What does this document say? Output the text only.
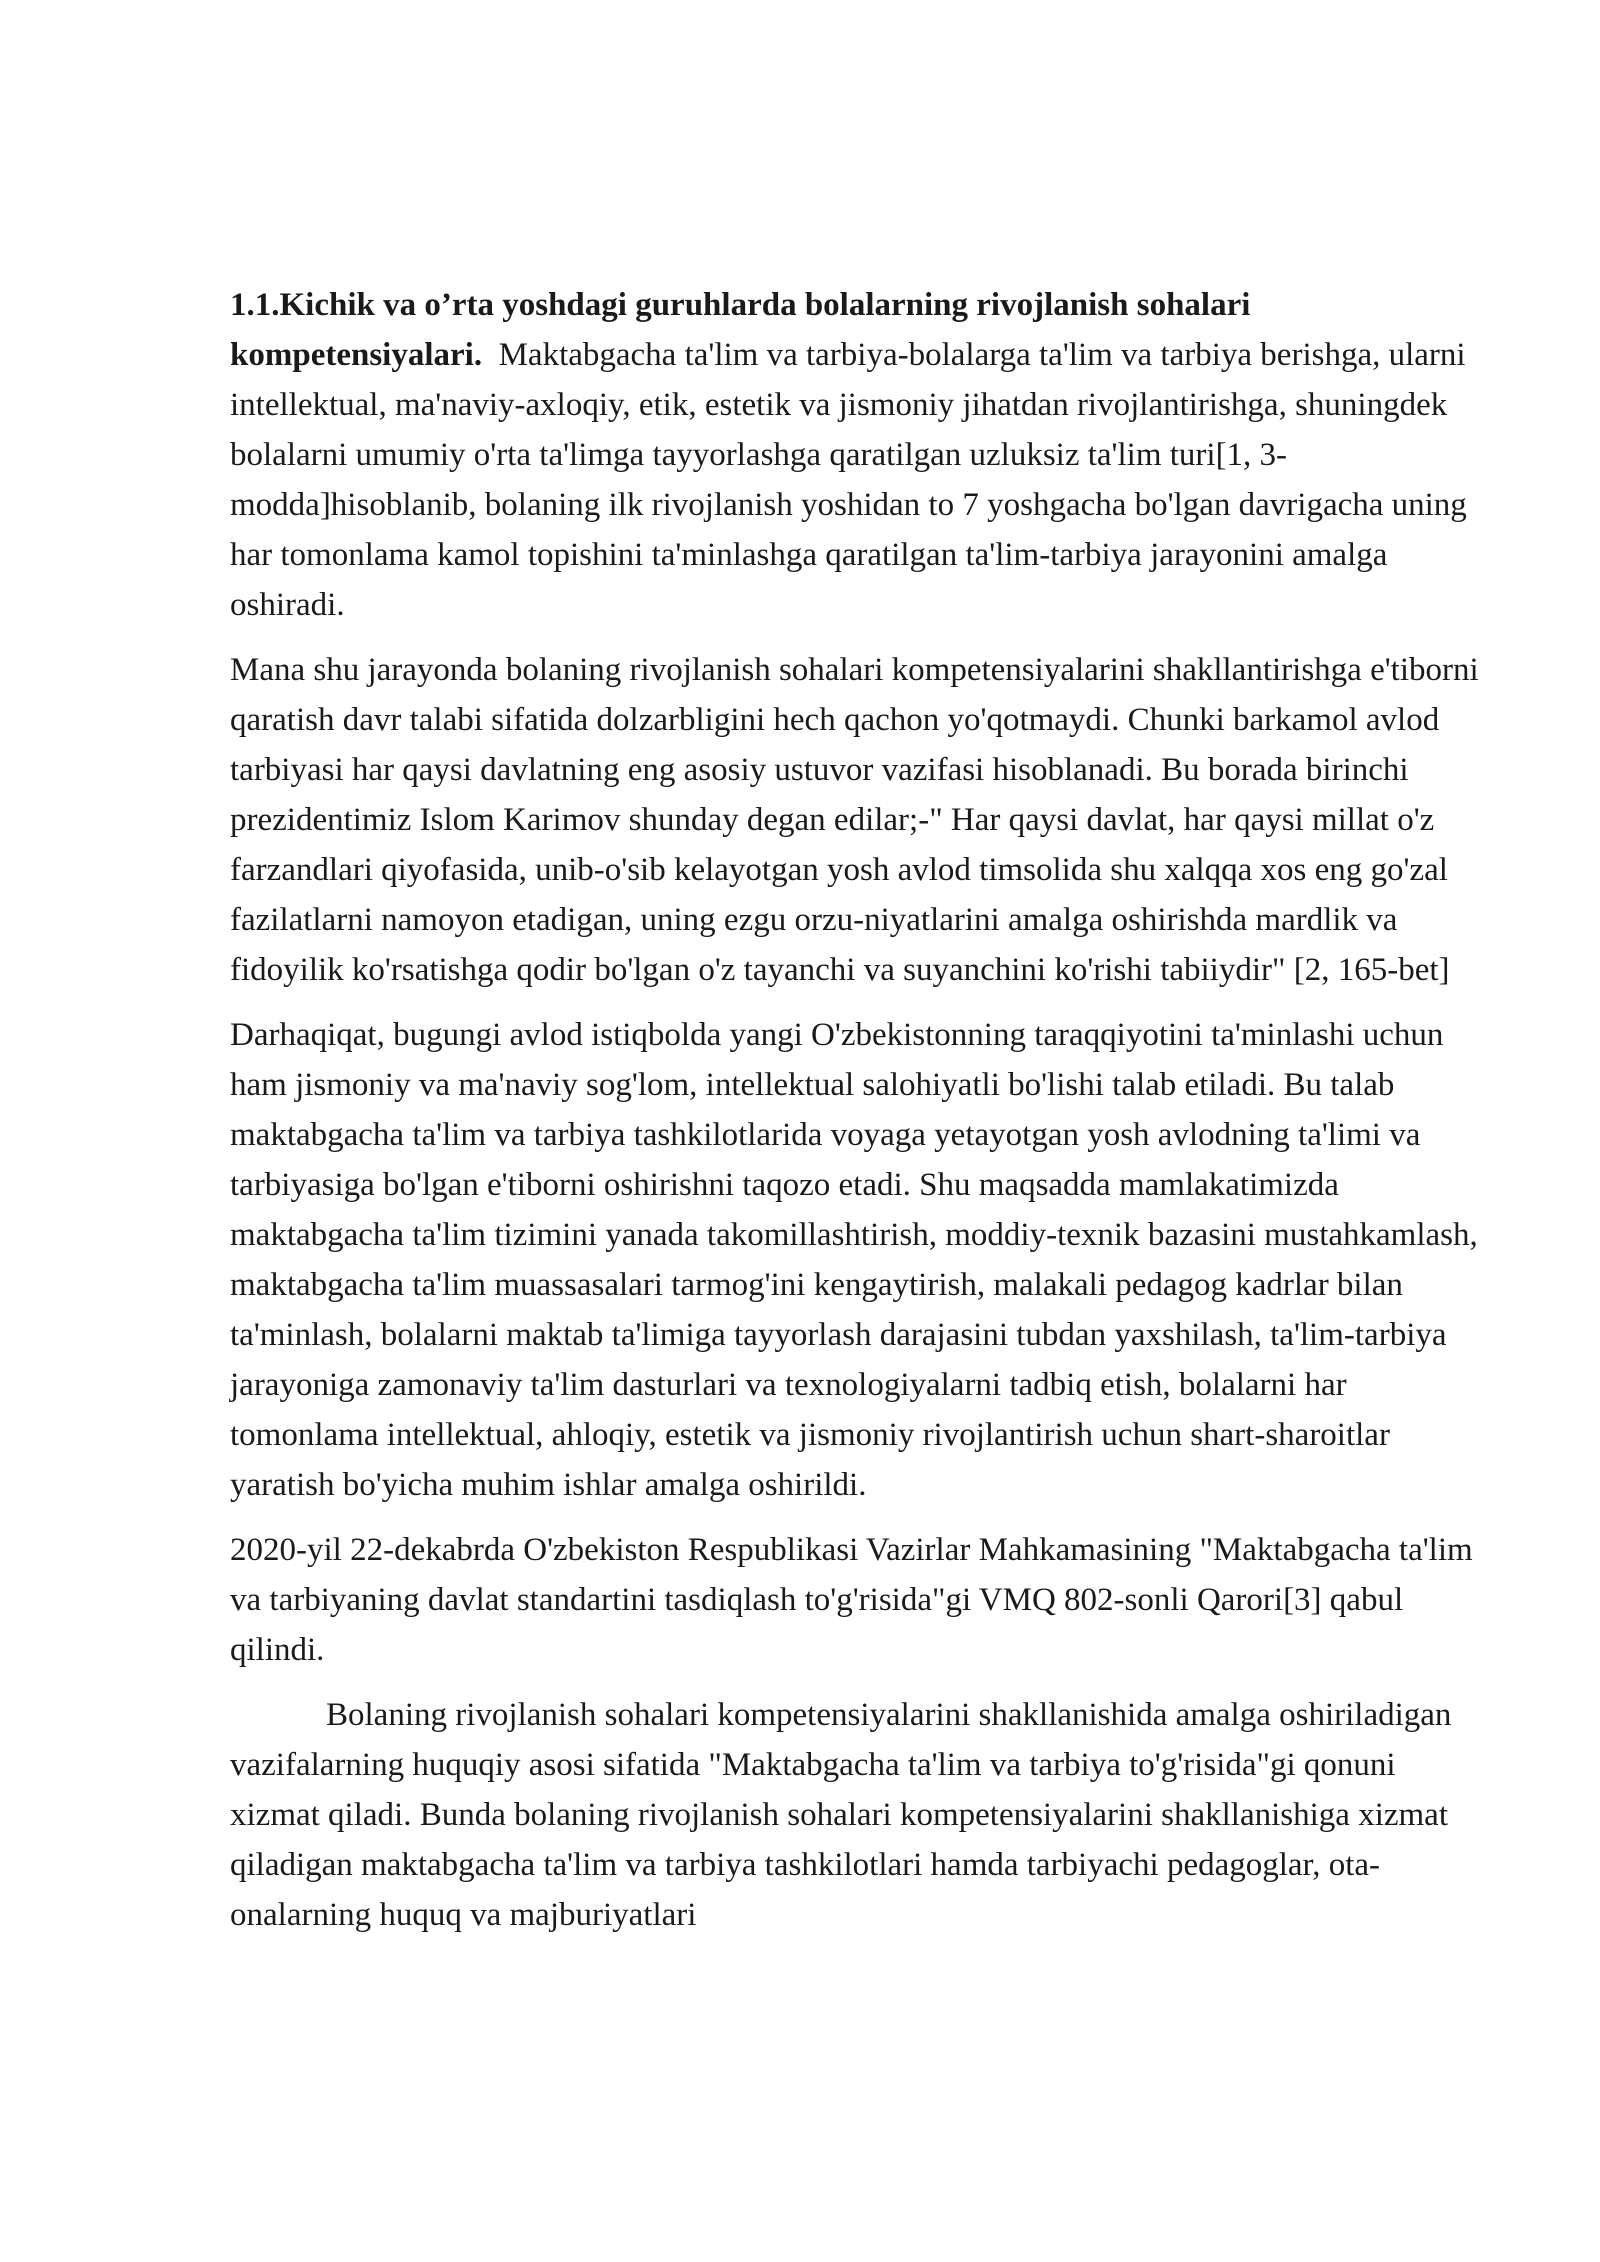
1.1.Kichik va o’rta yoshdagi guruhlarda bolalarning rivojlanish sohalari kompetensiyalari. Maktabgacha ta'lim va tarbiya-bolalarga ta'lim va tarbiya berishga, ularni intellektual, ma'naviy-axloqiy, etik, estetik va jismoniy jihatdan rivojlantirishga, shuningdek bolalarni umumiy o'rta ta'limga tayyorlashga qaratilgan uzluksiz ta'lim turi[1, 3-modda]hisoblanib, bolaning ilk rivojlanish yoshidan to 7 yoshgacha bo'lgan davrigacha uning har tomonlama kamol topishini ta'minlashga qaratilgan ta'lim-tarbiya jarayonini amalga oshiradi.

Mana shu jarayonda bolaning rivojlanish sohalari kompetensiyalarini shakllantirishga e'tiborni qaratish davr talabi sifatida dolzarbligini hech qachon yo'qotmaydi. Chunki barkamol avlod tarbiyasi har qaysi davlatning eng asosiy ustuvor vazifasi hisoblanadi. Bu borada birinchi prezidentimiz Islom Karimov shunday degan edilar;-" Har qaysi davlat, har qaysi millat o'z farzandlari qiyofasida, unib-o'sib kelayotgan yosh avlod timsolida shu xalqqa xos eng go'zal fazilatlarni namoyon etadigan, uning ezgu orzu-niyatlarini amalga oshirishda mardlik va fidoyilik ko'rsatishga qodir bo'lgan o'z tayanchi va suyanchini ko'rishi tabiiydir" [2, 165-bet]

Darhaqiqat, bugungi avlod istiqbolda yangi O'zbekistonning taraqqiyotini ta'minlashi uchun ham jismoniy va ma'naviy sog'lom, intellektual salohiyatli bo'lishi talab etiladi. Bu talab maktabgacha ta'lim va tarbiya tashkilotlarida voyaga yetayotgan yosh avlodning ta'limi va tarbiyasiga bo'lgan e'tiborni oshirishni taqozo etadi. Shu maqsadda mamlakatimizda maktabgacha ta'lim tizimini yanada takomillashtirish, moddiy-texnik bazasini mustahkamlash, maktabgacha ta'lim muassasalari tarmog'ini kengaytirish, malakali pedagog kadrlar bilan ta'minlash, bolalarni maktab ta'limiga tayyorlash darajasini tubdan yaxshilash, ta'lim-tarbiya jarayoniga zamonaviy ta'lim dasturlari va texnologiyalarni tadbiq etish, bolalarni har tomonlama intellektual, ahloqiy, estetik va jismoniy rivojlantirish uchun shart-sharoitlar yaratish bo'yicha muhim ishlar amalga oshirildi.

2020-yil 22-dekabrda O'zbekiston Respublikasi Vazirlar Mahkamasining "Maktabgacha ta'lim va tarbiyaning davlat standartini tasdiqlash to'g'risida"gi VMQ 802-sonli Qarori[3] qabul qilindi.

Bolaning rivojlanish sohalari kompetensiyalarini shakllanishida amalga oshiriladigan vazifalarning huquqiy asosi sifatida "Maktabgacha ta'lim va tarbiya to'g'risida"gi qonuni xizmat qiladi. Bunda bolaning rivojlanish sohalari kompetensiyalarini shakllanishiga xizmat qiladigan maktabgacha ta'lim va tarbiya tashkilotlari hamda tarbiyachi pedagoglar, ota-onalarning huquq va majburiyatlari
